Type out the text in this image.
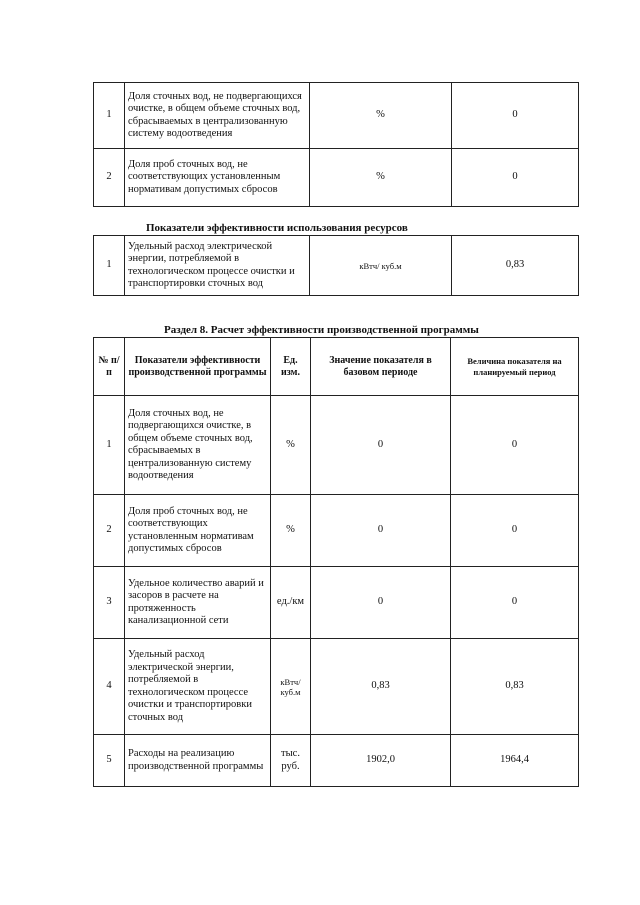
1	Доля сточных вод, не подвергающихся очистке, в общем объеме сточных вод, сбрасываемых в централизованную систему водоотведения	%	0
2	Доля проб сточных вод, не соответствующих установленным нормативам допустимых сбросов	%	0
Показатели эффективности использования ресурсов
1	Удельный расход электрической энергии, потребляемой в технологическом процессе очистки и транспортировки сточных вод	кВтч/ куб.м	0,83
Раздел 8. Расчет эффективности производственной программы
№ п/п	Показатели эффективности производственной программы	Ед. изм.	Значение показателя в базовом периоде	Величина показателя на планируемый период
1	Доля сточных вод, не подвергающихся очистке, в общем объеме сточных вод, сбрасываемых в централизованную систему водоотведения	%	0	0
2	Доля проб сточных вод, не соответствующих установленным нормативам допустимых сбросов	%	0	0
3	Удельное количество аварий и засоров в расчете на протяженность канализационной сети	ед./км	0	0
4	Удельный расход электрической энергии, потребляемой в технологическом процессе очистки и транспортировки сточных вод	кВтч/ куб.м	0,83	0,83
5	Расходы на реализацию производственной программы	тыс. руб.	1902,0	1964,4
